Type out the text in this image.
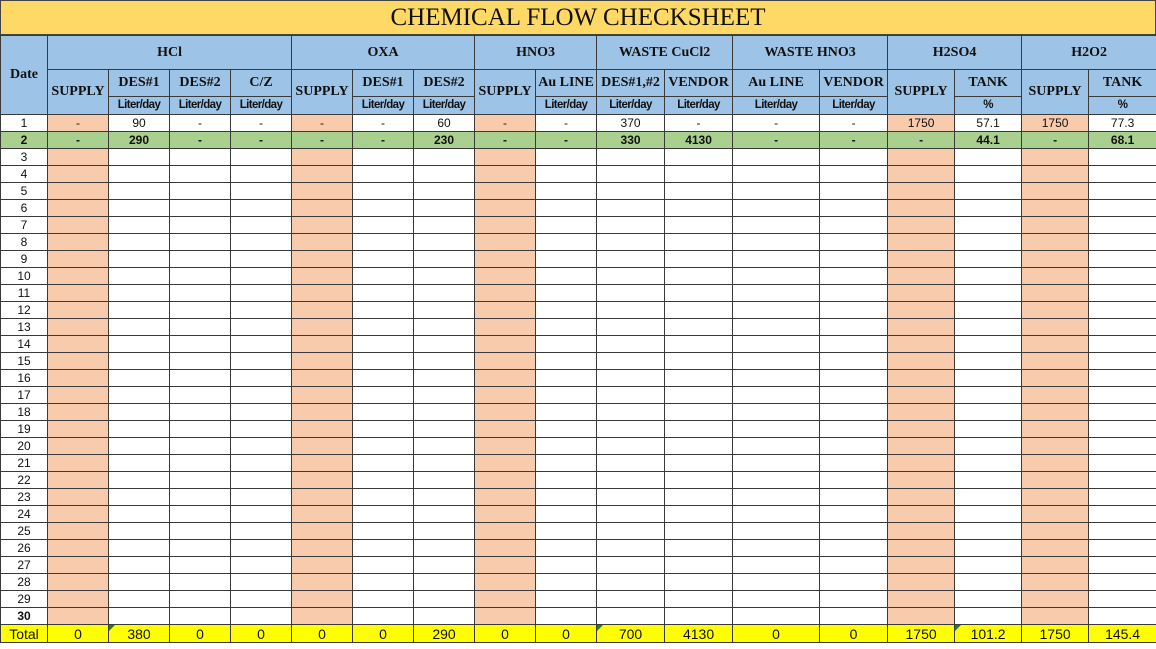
CHEMICAL FLOW CHECKSHEET
Date	HCl				OXA			HNO3		WASTE CuCl2		WASTE HNO3		H2SO4		H2O2	
	SUPPLY	DES#1	DES#2	C/Z	SUPPLY	DES#1	DES#2	SUPPLY	Au LINE	DES#1,#2	VENDOR	Au LINE	VENDOR	SUPPLY	TANK	SUPPLY	TANK
		Liter/day	Liter/day	Liter/day		Liter/day	Liter/day		Liter/day	Liter/day	Liter/day	Liter/day	Liter/day		%		%
1	-	90	-	-	-	-	60	-	-	370	-	-	-	1750	57.1	1750	77.3
2	-	290	-	-	-	-	230	-	-	330	4130	-	-	-	44.1	-	68.1
3																	
4																	
5																	
6																	
7																	
8																	
9																	
10																	
11																	
12																	
13																	
14																	
15																	
16																	
17																	
18																	
19																	
20																	
21																	
22																	
23																	
24																	
25																	
26																	
27																	
28																	
29																	
30																	
Total	0	380	0	0	0	0	290	0	0	700	4130	0	0	1750	101.2	1750	145.4
